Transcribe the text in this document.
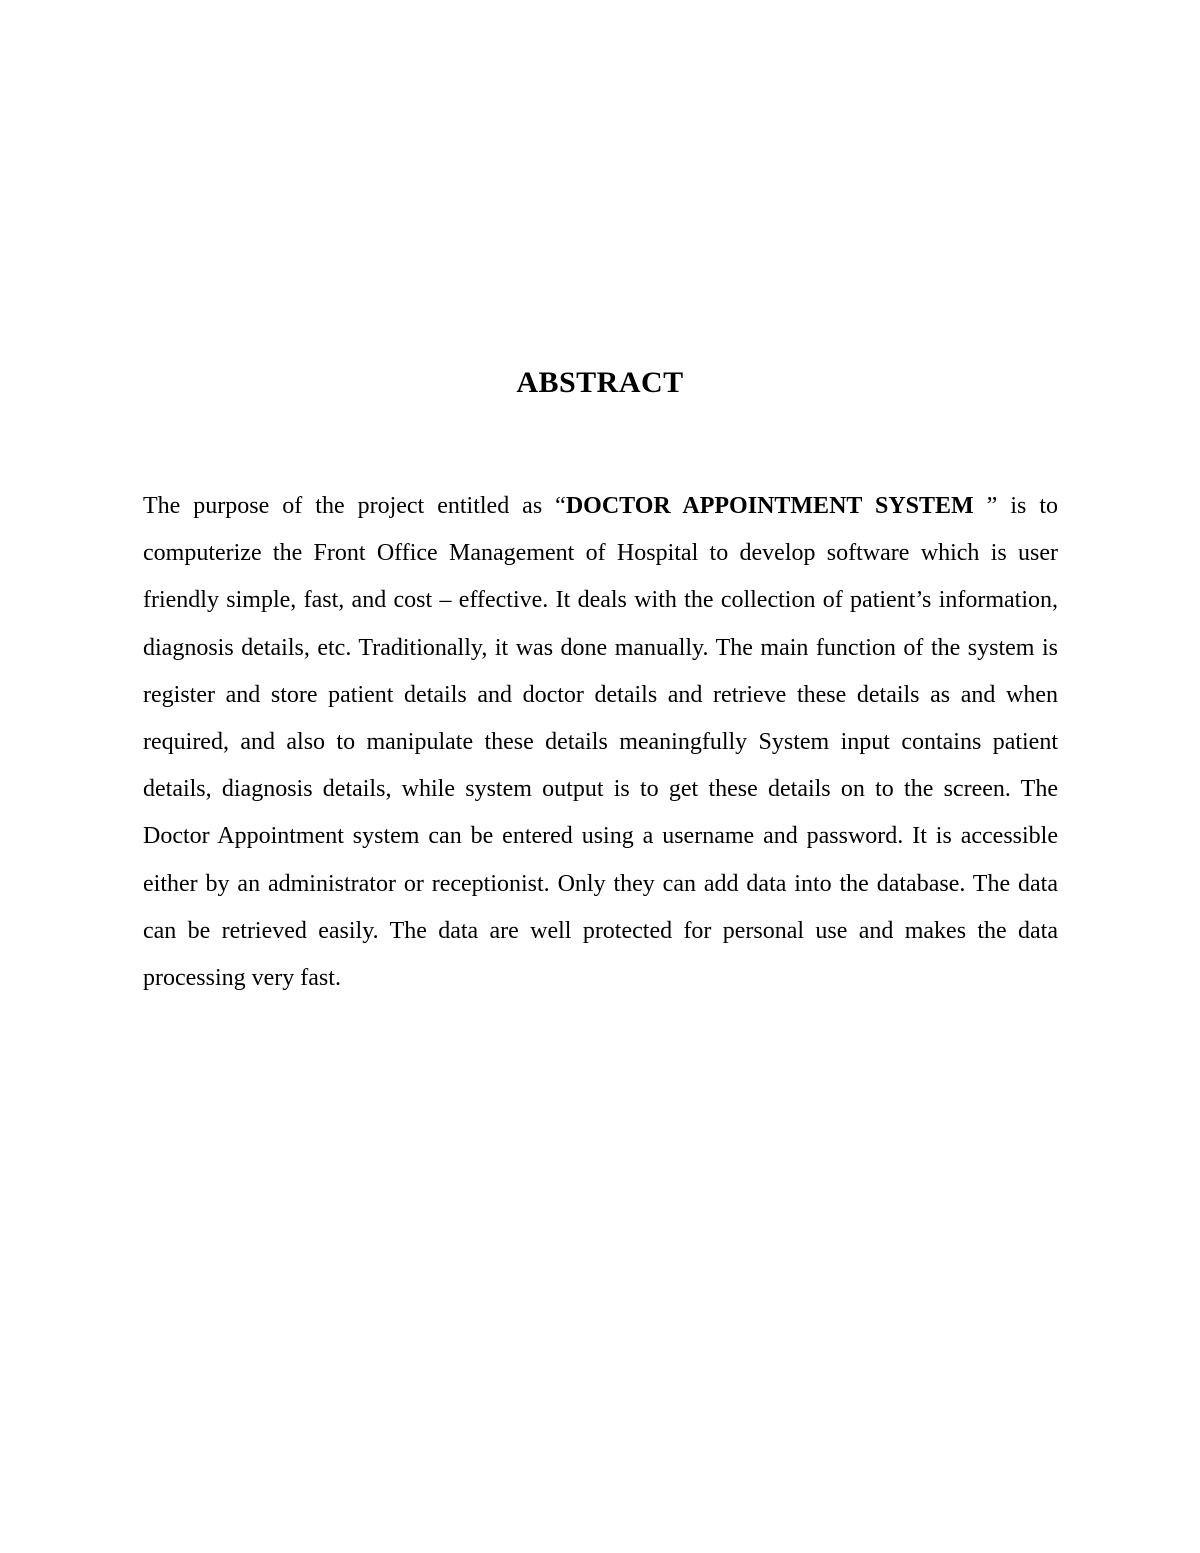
ABSTRACT

The purpose of the project entitled as “DOCTOR APPOINTMENT SYSTEM ” is to computerize the Front Office Management of Hospital to develop software which is user friendly simple, fast, and cost – effective. It deals with the collection of patient’s information, diagnosis details, etc. Traditionally, it was done manually. The main function of the system is register and store patient details and doctor details and retrieve these details as and when required, and also to manipulate these details meaningfully System input contains patient details, diagnosis details, while system output is to get these details on to the screen. The Doctor Appointment system can be entered using a username and password. It is accessible either by an administrator or receptionist. Only they can add data into the database. The data can be retrieved easily. The data are well protected for personal use and makes the data processing very fast.
